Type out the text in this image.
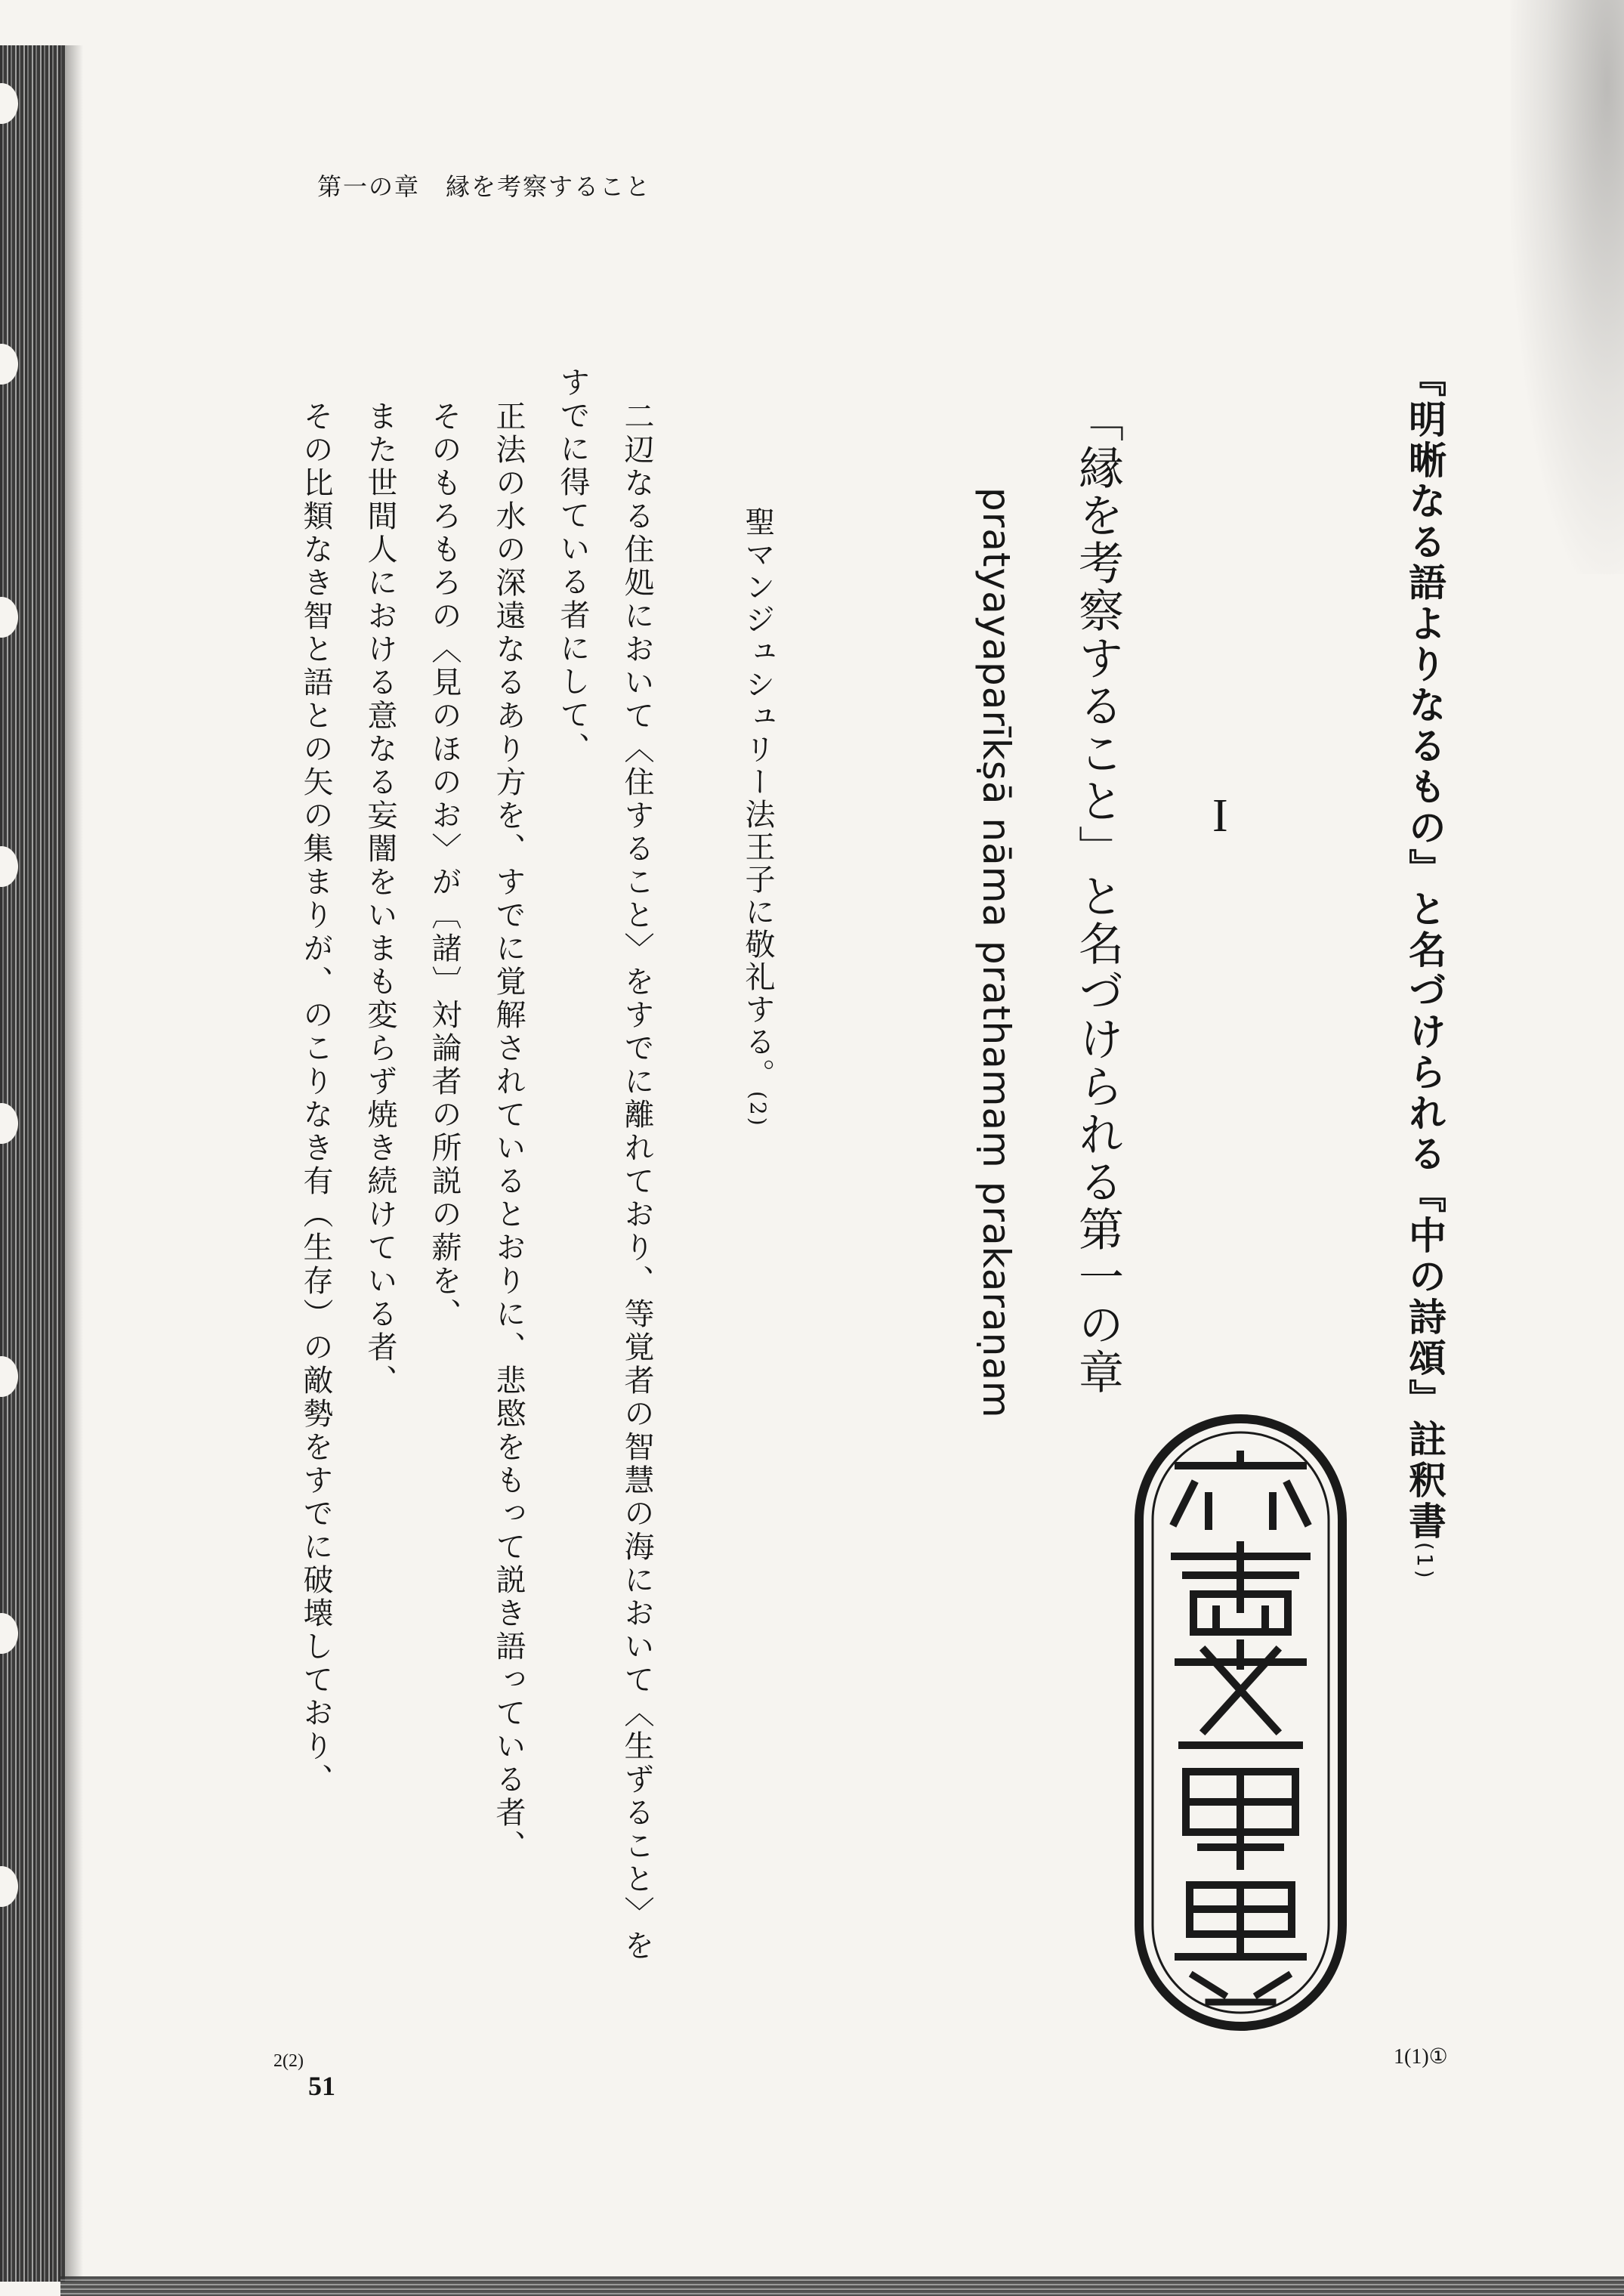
第一の章　縁を考察すること

『明晰なる語よりなるもの』と名づけられる『中の詩頌』註釈書(1)

I

「縁を考察すること」と名づけられる第一の章

pratyayaparīkṣā nāma prathamaṃ prakaraṇam

聖マンジュシュリー法王子に敬礼する。(2)

二辺なる住処において〈住すること〉をすでに離れており、等覚者の智慧の海において〈生ずること〉を

すでに得ている者にして、

正法の水の深遠なるあり方を、すでに覚解されているとおりに、悲愍をもって説き語っている者、

そのもろもろの〈見のほのお〉が〔諸〕対論者の所説の薪を、

また世間人における意なる妄闇をいまも変らず焼き続けている者、

その比類なき智と語との矢の集まりが、のこりなき有（生存）の敵勢をすでに破壊しており、

2(2)
51
1(1)①
